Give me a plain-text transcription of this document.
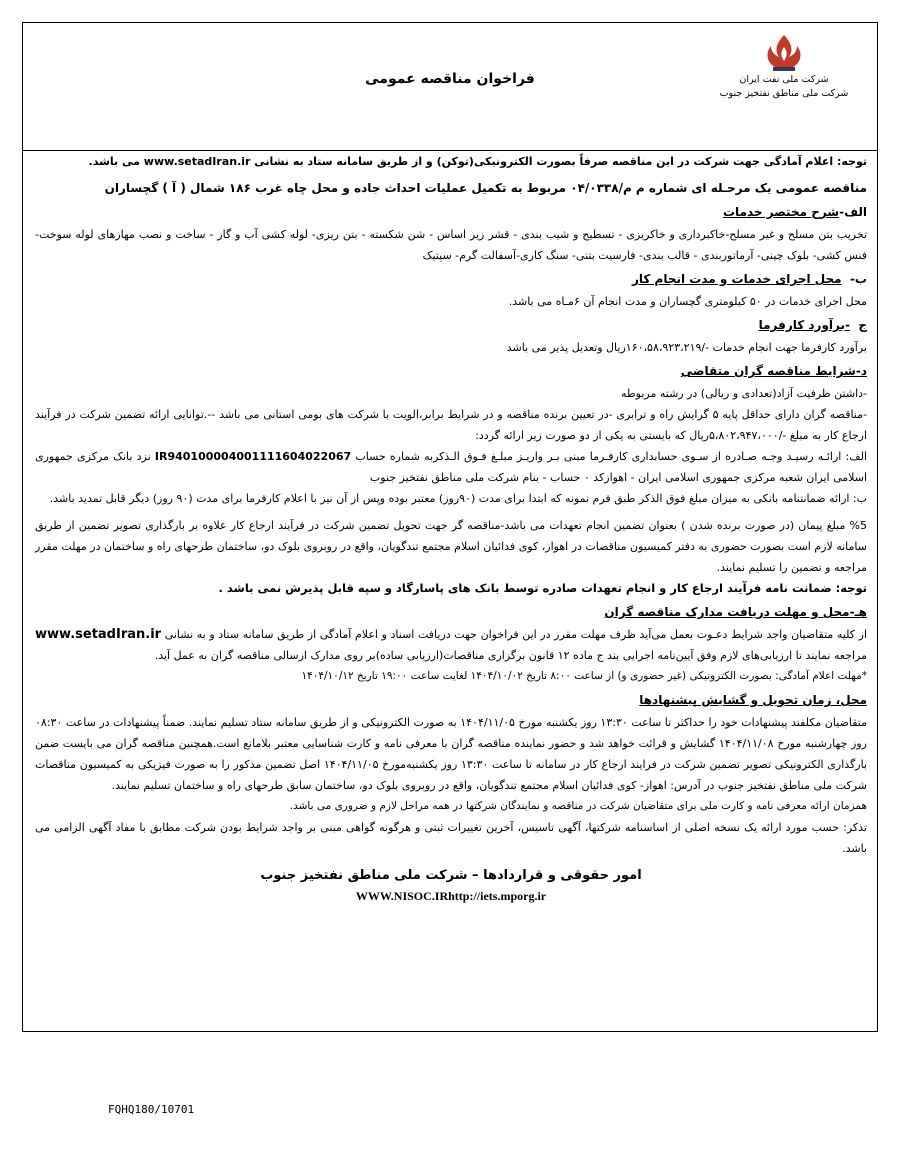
شرکت ملی نفت ایران
شرکت ملی مناطق نفتخیز جنوب
فراخوان مناقصه عمومی

توجه: اعلام آمادگی جهت شرکت در این مناقصه صرفاً بصورت الکترونیکی(توکن) و از طریق سامانه ستاد به نشانی www.setadIran.ir می باشد.

مناقصه عمومی یک مرحـله ای شماره م م/۰۴/۰۳۳۸ مربوط به تکمیل عملیات احداث جاده و محل چاه غرب ۱۸۶ شمال ( آ ) گچساران

الف-شرح مختصر خدمات

تخریب بتن مسلح و غیر مسلح-خاکبرداری و خاکریزی - تسطیح و شیب بندی - قشر زیر اساس - شن شکسته - بتن ریزی- لوله کشی آب و گاز - ساخت و نصب مهارهای لوله سوخت- فنس کشی- بلوک چینی- آرماتوربندی - قالب بندی- فارسیت بتنی- سنگ کاری-آسفالت گرم- سپتیک

ب-  محل اجرای خدمات و مدت انجام کار

محل اجرای خدمات در ۵۰ کیلومتری گچساران و مدت انجام آن ۶مـاه می باشد.

ج  -برآورد کارفرما

برآورد کارفرما جهت انجام خدمات -/۱۶۰،۵۸،۹۲۳،۲۱۹ریال وتعدیل پذیر می باشد

د-شرایط مناقصه گران متقاضی

-داشتن ظرفیت آزاد(تعدادی و ریالی) در رشته مربوطه

-مناقصه گران دارای حداقل پایه ۵ گرایش راه و ترابری -در تعیین برنده مناقصه و در شرایط برابر،الویت با شرکت های بومی استانی می باشد --.توانایی ارائه تضمین شرکت در فرآیند ارجاع کار به مبلغ -/۵،۸۰۲،۹۴۷،۰۰۰ریال که بایستی به یکی از دو صورت زیر ارائه گردد:

الف: ارائـه رسیـد وجـه صـادره از سـوی حسابداری کارفـرما مبنی بـر واریـز مبلـغ فـوق الـذکربه شماره حساب IR940100004001111604022067 نزد بانک مرکزی جمهوری اسلامی ایران شعبه مرکزی جمهوری اسلامی ایران - اهوازکد ۰ حساب - بنام شرکت ملی مناطق نفتخیز جنوب

ب: ارائه ضمانتنامه بانکی به میزان مبلغ فوق الذکر طبق فرم نمونه که ابتدا برای مدت (۹۰روز) معتبر بوده وپس از آن نیز با اعلام کارفرما برای مدت (۹۰ روز) دیگر قابل تمدید باشد.

%5 مبلغ پیمان (در صورت برنده شدن ) بعنوان تضمین انجام تعهدات می باشد-مناقصه گر جهت تحویل تضمین شرکت در فرآیند ارجاع کار علاوه بر بارگذاری تصویر تضمین از طریق سامانه لازم است بصورت حضوری به دفتر کمیسیون مناقصات در اهواز، کوی فدائیان اسلام مجتمع تندگویان، واقع در روبروی بلوک دو، ساختمان طرحهای راه و ساختمان در مهلت مقرر مراجعه و تضمین را تسلیم نمایند.

توجه: ضمانت نامه فرآیند ارجاع کار و انجام تعهدات صادره توسط بانک های پاسارگاد و سپه قابل پذیرش نمی باشد .

هـ-محل و مهلت دریافت مدارک مناقصه گران

از کلیه متقاضیان واجد شرایط دعـوت بعمل می‌آید ظرف مهلت مقرر در این فراخوان جهت دریافت اسناد و اعلام آمادگی از طریق سامانه ستاد و به نشانی www.setadIran.ir مراجعه نمایند تا ارزیابی‌های لازم وفق آیین‌نامه اجرایی بند ج ماده ۱۲ قانون برگزاری مناقصات(ارزیابی ساده)بر روی مدارک ارسالی مناقصه گران به عمل آید.

*مهلت اعلام آمادگی: بصورت الکترونیکی (غیر حضوری و) از ساعت ۸:۰۰ تاریخ ۱۴۰۴/۱۰/۰۲ لغایت ساعت ۱۹:۰۰ تاریخ ۱۴۰۴/۱۰/۱۲

محل، زمان تحویل و گشایش پیشنهادها

متقاضیان مکلفند پیشنهادات خود را حداکثر تا ساعت ۱۳:۳۰ روز یکشنبه مورخ ۱۴۰۴/۱۱/۰۵ به صورت الکترونیکی و از طریق سامانه ستاد تسلیم نمایند. ضمناً پیشنهادات در ساعت ۰۸:۳۰ روز چهارشنبه مورخ ۱۴۰۴/۱۱/۰۸ گشایش و قرائت خواهد شد و حضور نماینده مناقصه گران با معرفی نامه و کارت شناسایی معتبر بلامانع است.همچنین مناقصه گران می بایست ضمن بارگذاری الکترونیکی تصویر تضمین شرکت در فرایند ارجاع کار در سامانه تا ساعت ۱۳:۳۰ روز یکشنبه‌مورخ ۱۴۰۴/۱۱/۰۵ اصل تضمین مذکور را به صورت فیزیکی به کمیسیون مناقصات شرکت ملی مناطق نفتخیز جنوب در آدرس: اهواز- کوی فدائیان اسلام مجتمع تندگویان، واقع در روبروی بلوک دو، ساختمان سابق طرحهای راه و ساختمان تسلیم نمایند.

همزمان ارائه معرفی نامه و کارت ملی برای متقاضیان شرکت در مناقصه و نمایندگان شرکتها در همه مراحل لازم و ضروری می باشد.

تذکر: حسب مورد ارائه یک نسخه اصلی از اساسنامه شرکتها، آگهی تاسیس، آخرین تغییرات ثبتی و هرگونه گواهی مبنی بر واجد شرایط بودن شرکت مطابق با مفاد آگهی الزامی می باشد.

امور حقوقی و قراردادها – شرکت ملی مناطق نفتخیز جنوب

WWW.NISOC.IRhttp://iets.mporg.ir

FQHQ180/10701
